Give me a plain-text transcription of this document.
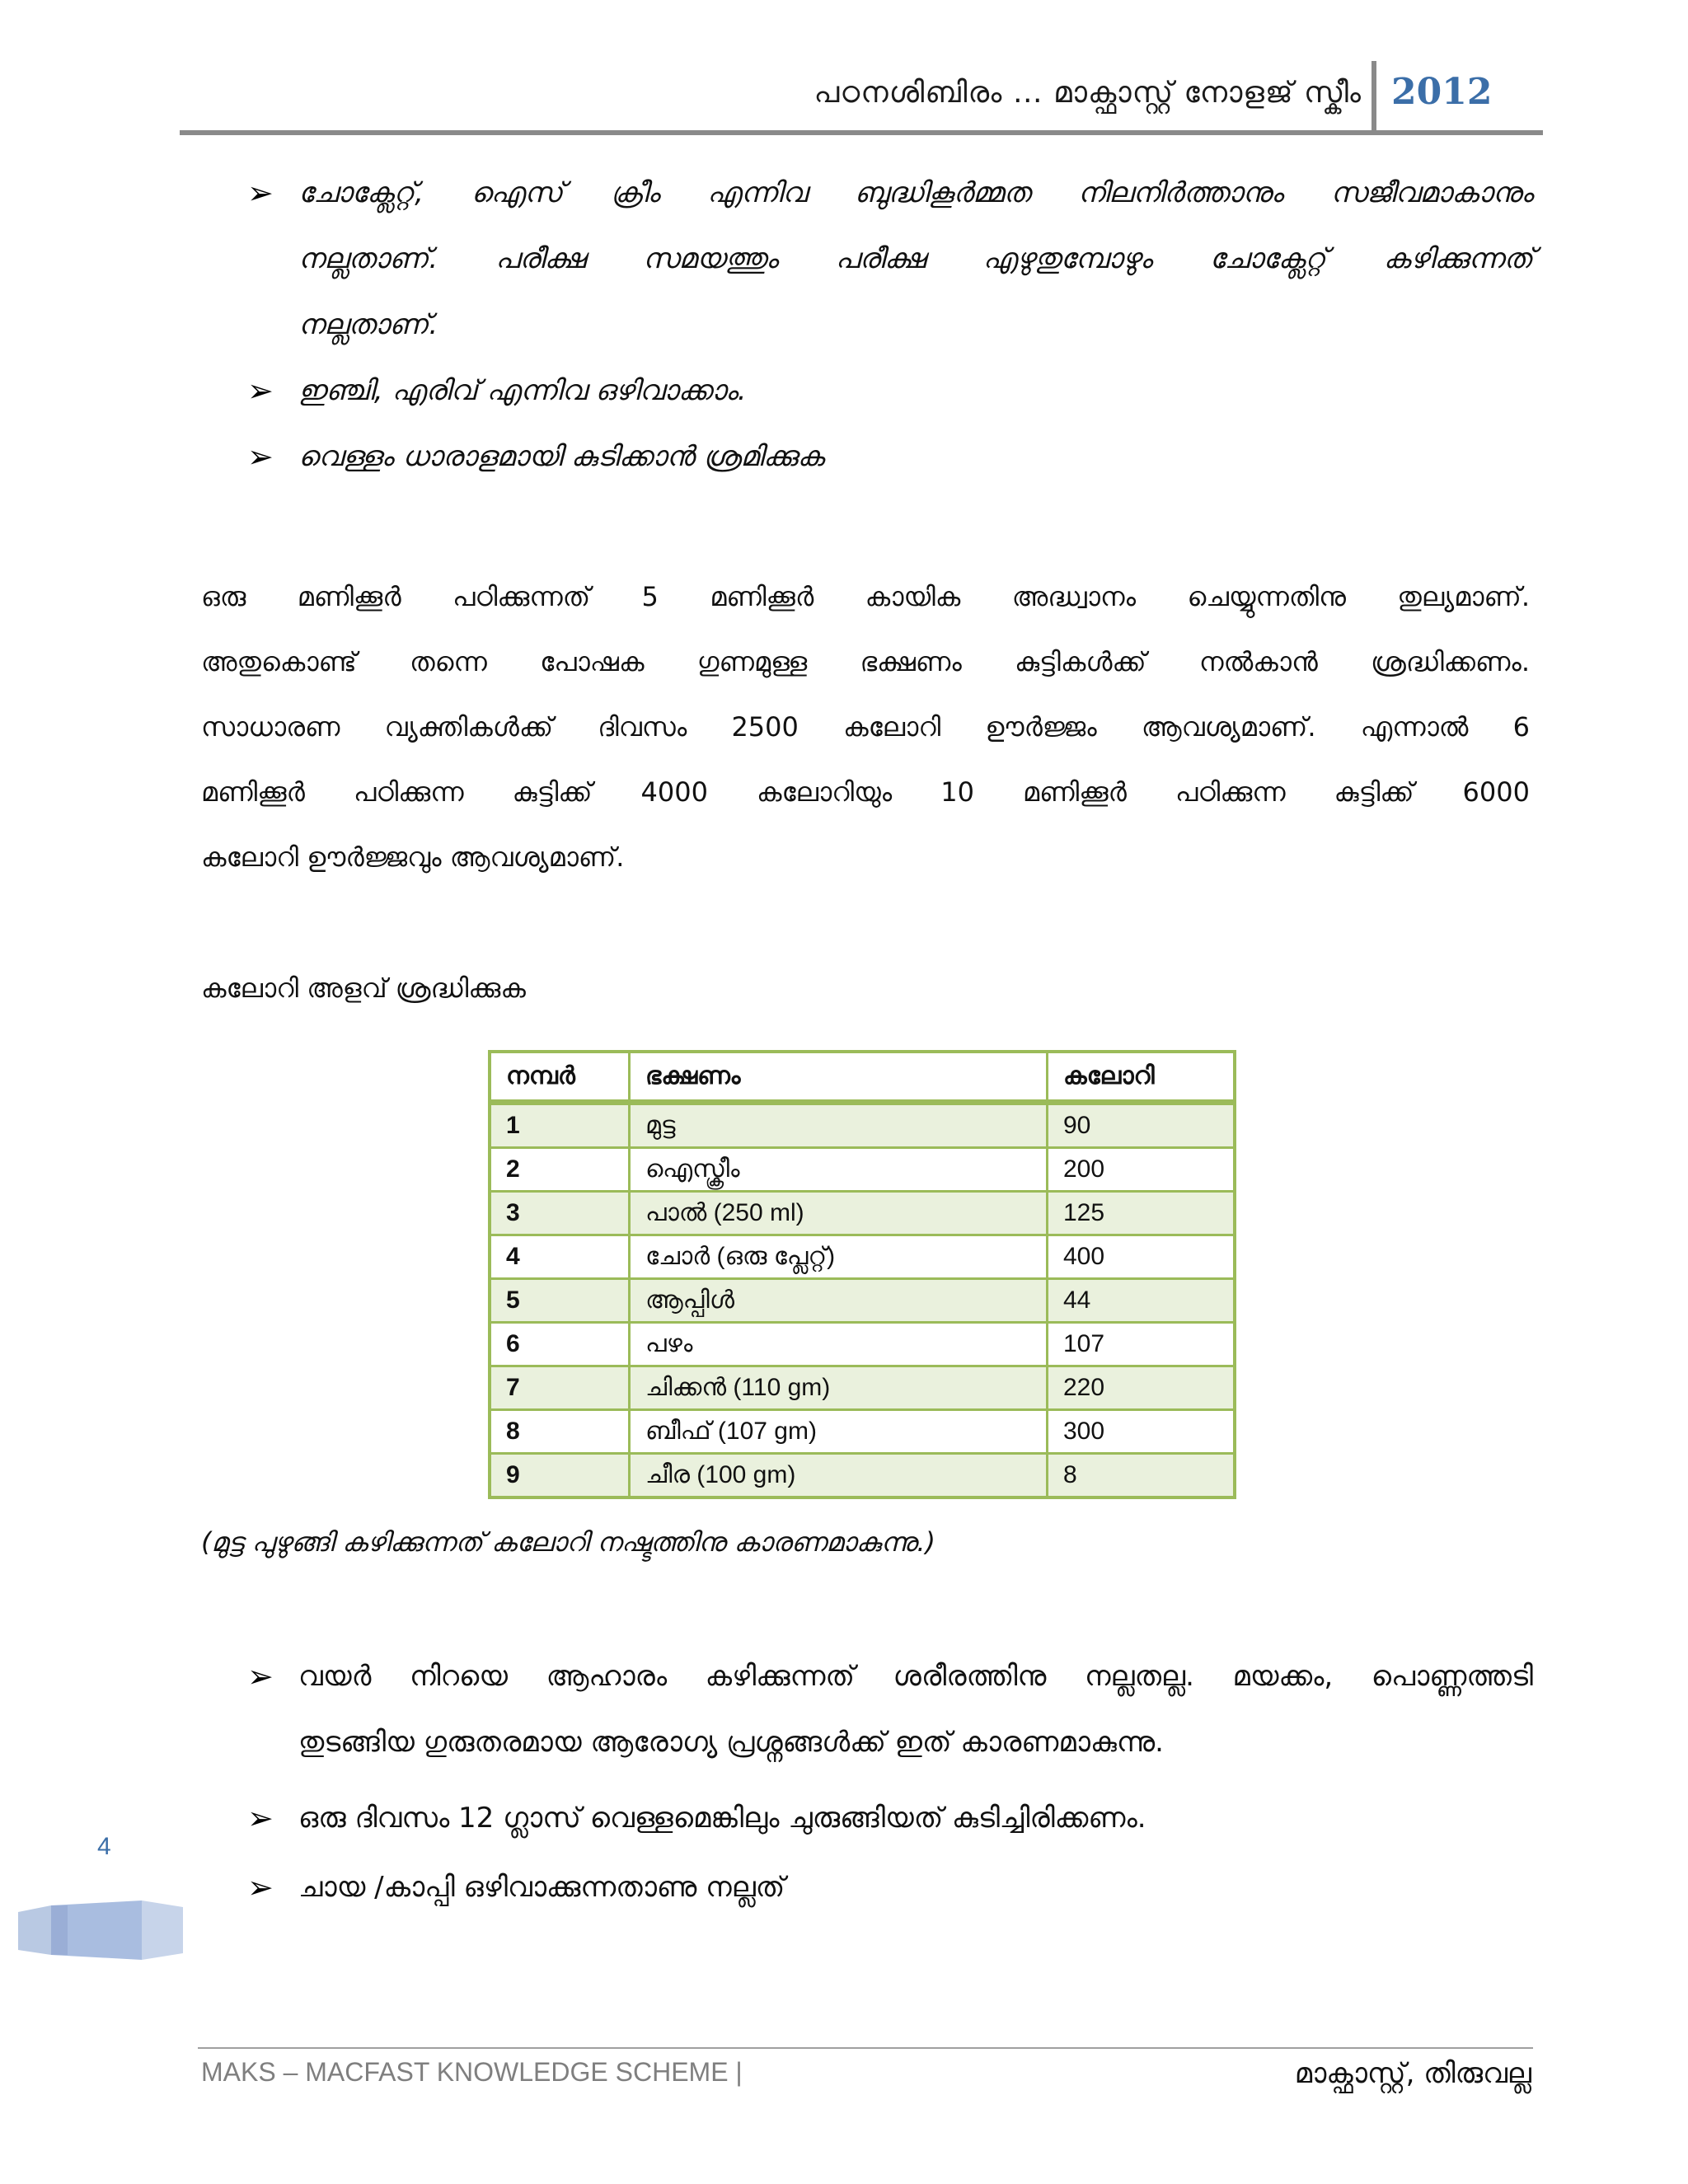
പഠനശിബിരം … മാക്ഫാസ്റ്റ് നോളജ് സ്കീം 2012
➢ ചോക്ലേറ്റ്, ഐസ് ക്രീം എന്നിവ ബുദ്ധികൂർമ്മത നിലനിർത്താനും സജീവമാകാനും
നല്ലതാണ്. പരീക്ഷ സമയത്തും പരീക്ഷ എഴുതുമ്പോഴും ചോക്ലേറ്റ് കഴിക്കുന്നത്
നല്ലതാണ്.
➢ ഇഞ്ചി, എരിവ് എന്നിവ ഒഴിവാക്കാം.
➢ വെള്ളം ധാരാളമായി കുടിക്കാൻ ശ്രമിക്കുക
ഒരു മണിക്കൂർ പഠിക്കുന്നത് 5 മണിക്കൂർ കായിക അദ്ധ്വാനം ചെയ്യുന്നതിനു തുല്യമാണ്.
അതുകൊണ്ട് തന്നെ പോഷക ഗുണമുള്ള ഭക്ഷണം കുട്ടികൾക്ക് നൽകാൻ ശ്രദ്ധിക്കണം.
സാധാരണ വ്യക്തികൾക്ക് ദിവസം 2500 കലോറി ഊർജ്ജം ആവശ്യമാണ്. എന്നാൽ 6
മണിക്കൂർ പഠിക്കുന്ന കുട്ടിക്ക് 4000 കലോറിയും 10 മണിക്കൂർ പഠിക്കുന്ന കുട്ടിക്ക് 6000
കലോറി ഊർജ്ജവും ആവശ്യമാണ്.
കലോറി അളവ് ശ്രദ്ധിക്കുക
നമ്പർ	ഭക്ഷണം	കലോറി
1	മുട്ട	90
2	ഐസ്ക്രീം	200
3	പാൽ (250 ml)	125
4	ചോർ (ഒരു പ്ലേറ്റ്)	400
5	ആപ്പിൾ	44
6	പഴം	107
7	ചിക്കൻ (110 gm)	220
8	ബീഫ് (107 gm)	300
9	ചീര (100 gm)	8
(മുട്ട പുഴുങ്ങി കഴിക്കുന്നത് കലോറി നഷ്ടത്തിനു കാരണമാകുന്നു.)
➢ വയർ നിറയെ ആഹാരം കഴിക്കുന്നത് ശരീരത്തിനു നല്ലതല്ല. മയക്കം, പൊണ്ണത്തടി
തുടങ്ങിയ ഗുരുതരമായ ആരോഗ്യ പ്രശ്നങ്ങൾക്ക് ഇത് കാരണമാകുന്നു.
➢ ഒരു ദിവസം 12 ഗ്ലാസ് വെള്ളമെങ്കിലും ചുരുങ്ങിയത് കുടിച്ചിരിക്കണം.
➢ ചായ /കാപ്പി ഒഴിവാക്കുന്നതാണു നല്ലത്
4
MAKS – MACFAST KNOWLEDGE SCHEME |	മാക്ഫാസ്റ്റ്, തിരുവല്ല
